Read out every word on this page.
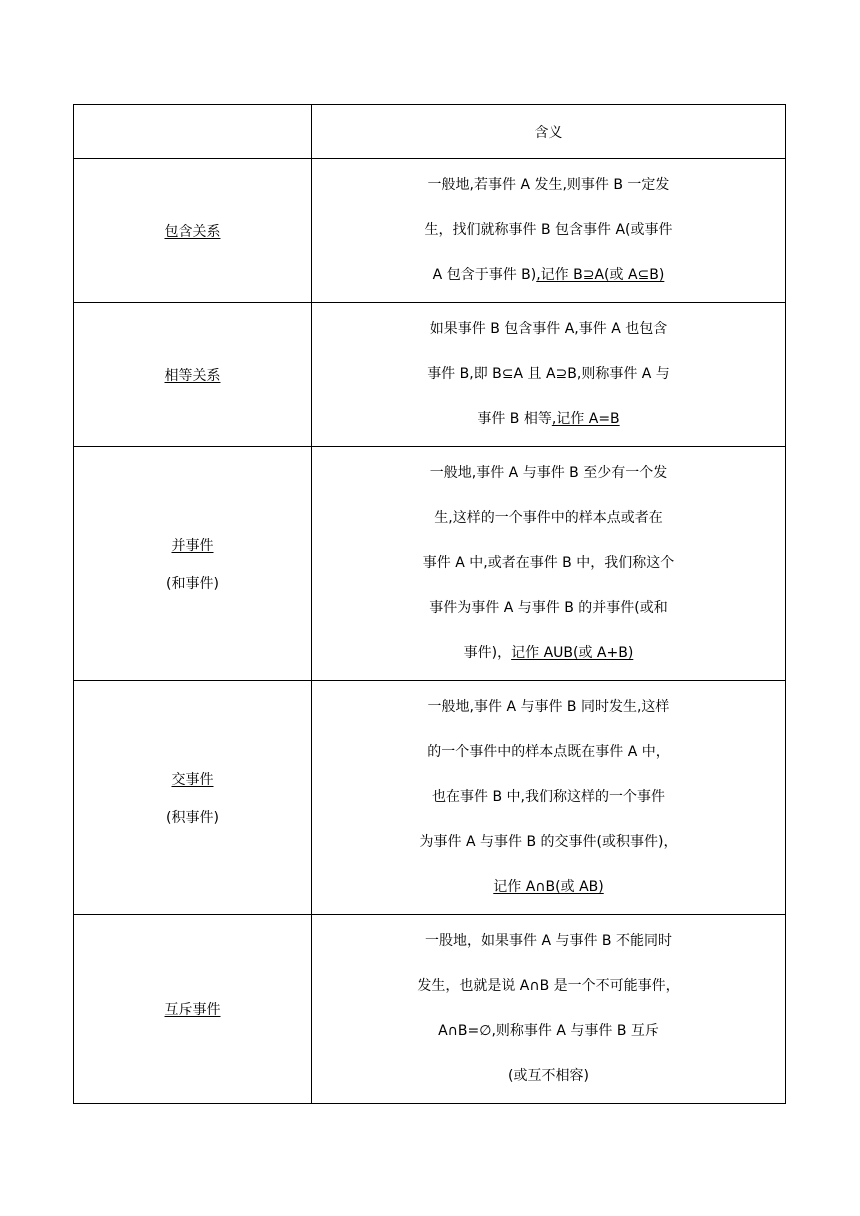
	含义
包含关系	一般地,若事件 A 发生,则事件 B 一定发
生，找们就称事件 B 包含事件 A(或事件
A 包含于事件 B),记作 B⊇A(或 A⊆B)

相等关系	如果事件 B 包含事件 A,事件 A 也包含
事件 B,即 B⊆A 且 A⊇B,则称事件 A 与
事件 B 相等,记作 A=B

并事件
(和事件)	一般地,事件 A 与事件 B 至少有一个发
生,这样的一个事件中的样本点或者在
事件 A 中,或者在事件 B 中，我们称这个
事件为事件 A 与事件 B 的并事件(或和
事件)，记作 AUB(或 A+B)

交事件
(积事件)	一般地,事件 A 与事件 B 同时发生,这样
的一个事件中的样本点既在事件 A 中，
也在事件 B 中,我们称这样的一个事件
为事件 A 与事件 B 的交事件(或积事件)，
记作 A∩B(或 AB)

互斥事件	一股地，如果事件 A 与事件 B 不能同时
发生，也就是说 A∩B 是一个不可能事件，
A∩B=∅,则称事件 A 与事件 B 互斥
(或互不相容)
